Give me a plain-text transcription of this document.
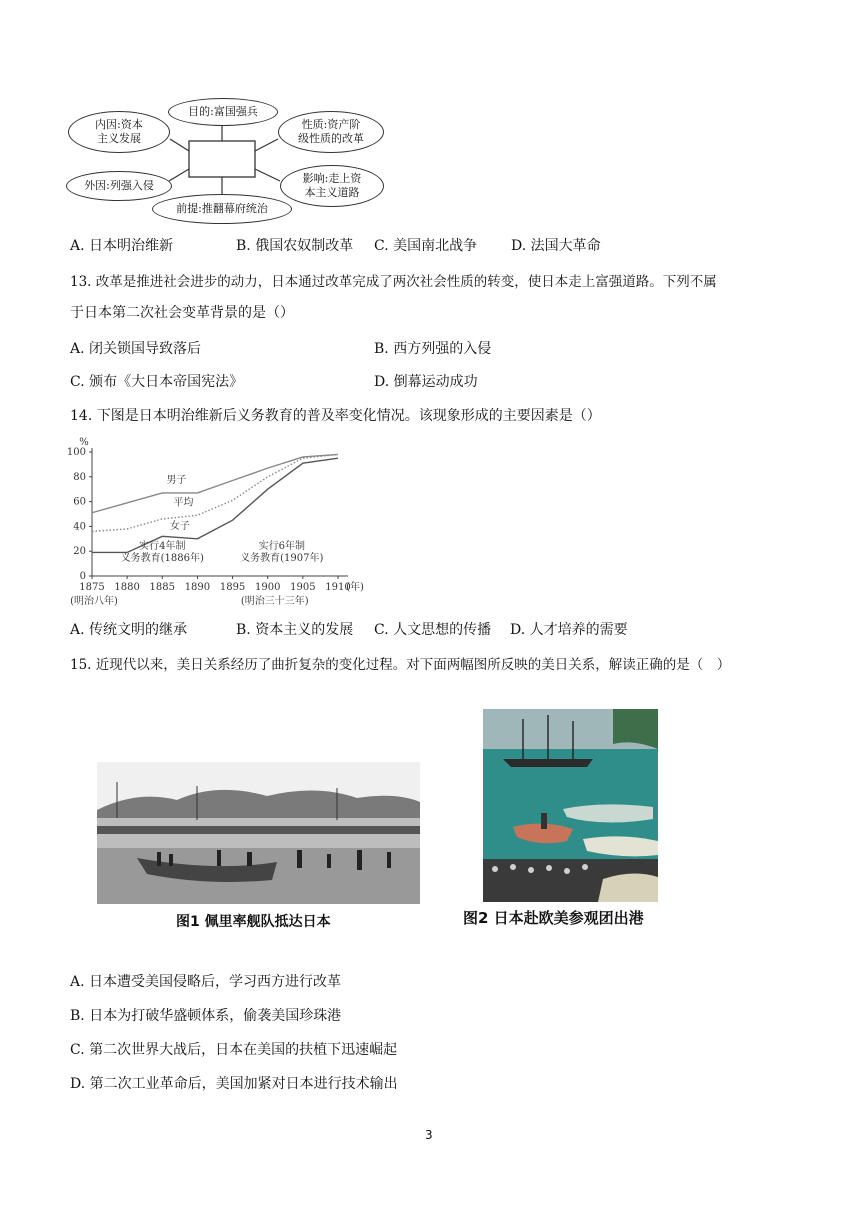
目的:富国强兵
内因:资本
主义发展
性质:资产阶
级性质的改革
外因:列强入侵
影响:走上资
本主义道路
前提:推翻幕府统治
A. 日本明治维新	B. 俄国农奴制改革 C. 美国南北战争 D. 法国大革命
13. 改革是推进社会进步的动力，日本通过改革完成了两次社会性质的转变，使日本走上富强道路。下列不属
于日本第二次社会变革背景的是（）
A. 闭关锁国导致落后	B. 西方列强的入侵
C. 颁布《大日本帝国宪法》	D. 倒幕运动成功
14. 下图是日本明治维新后义务教育的普及率变化情况。该现象形成的主要因素是（）
%
0
20
40
60
80
100
1875 1880 1885 1890 1895 1900 1905 1910
(年)
男子
平均
女子
实行4年制
义务教育(1886年)
实行6年制
义务教育(1907年)
(明治八年)	(明治三十三年)
A. 传统文明的继承	B. 资本主义的发展 C. 人文思想的传播 D. 人才培养的需要
15. 近现代以来，美日关系经历了曲折复杂的变化过程。对下面两幅图所反映的美日关系，解读正确的是（　）
图1 佩里率舰队抵达日本	图2 日本赴欧美参观团出港
A. 日本遭受美国侵略后，学习西方进行改革
B. 日本为打破华盛顿体系，偷袭美国珍珠港
C. 第二次世界大战后，日本在美国的扶植下迅速崛起
D. 第二次工业革命后，美国加紧对日本进行技术输出
3
